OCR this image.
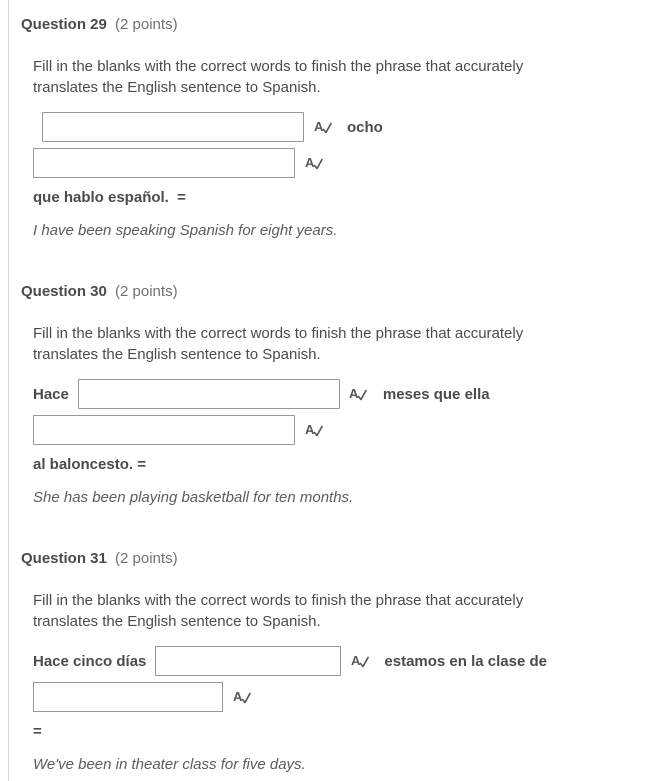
Question 29 (2 points)

Fill in the blanks with the correct words to finish the phrase that accurately translates the English sentence to Spanish.

A ocho
A

que hablo español.  =

I have been speaking Spanish for eight years.

Question 30 (2 points)

Fill in the blanks with the correct words to finish the phrase that accurately translates the English sentence to Spanish.

Hace	A meses que ella
A

al baloncesto. =

She has been playing basketball for ten months.

Question 31 (2 points)

Fill in the blanks with the correct words to finish the phrase that accurately translates the English sentence to Spanish.

Hace cinco días	A estamos en la clase de
A

=

We've been in theater class for five days.
